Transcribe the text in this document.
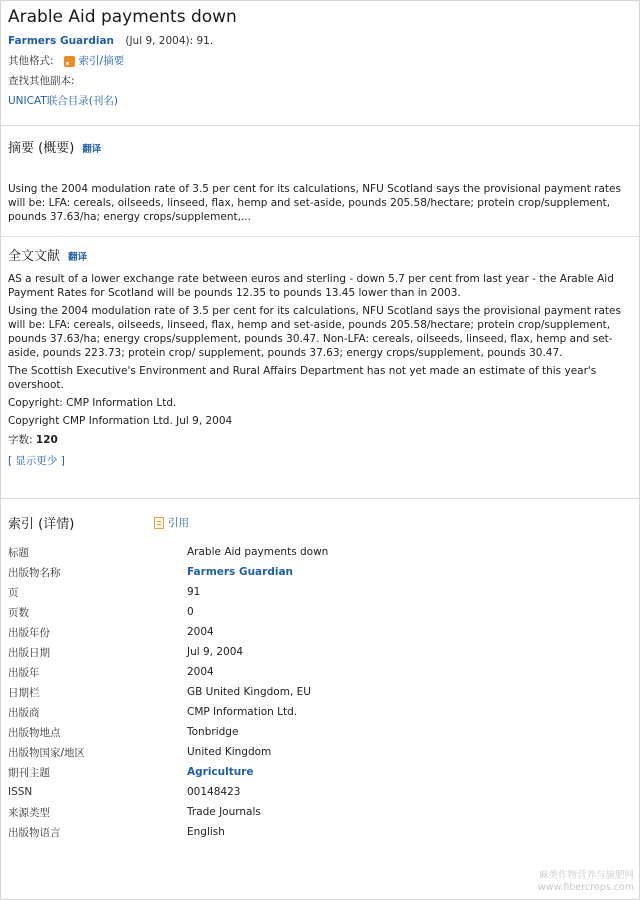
Arable Aid payments down
Farmers Guardian (Jul 9, 2004): 91.
其他格式: 索引/摘要
查找其他副本:
UNICAT联合目录(刊名)
摘要 (概要) 翻译

Using the 2004 modulation rate of 3.5 per cent for its calculations, NFU Scotland says the provisional payment rates will be: LFA: cereals, oilseeds, linseed, flax, hemp and set-aside, pounds 205.58/hectare; protein crop/supplement, pounds 37.63/ha; energy crops/supplement,...

全文文献 翻译

AS a result of a lower exchange rate between euros and sterling - down 5.7 per cent from last year - the Arable Aid Payment Rates for Scotland will be pounds 12.35 to pounds 13.45 lower than in 2003.

Using the 2004 modulation rate of 3.5 per cent for its calculations, NFU Scotland says the provisional payment rates will be: LFA: cereals, oilseeds, linseed, flax, hemp and set-aside, pounds 205.58/hectare; protein crop/supplement, pounds 37.63/ha; energy crops/supplement, pounds 30.47. Non-LFA: cereals, oilseeds, linseed, flax, hemp and set-aside, pounds 223.73; protein crop/ supplement, pounds 37.63; energy crops/supplement, pounds 30.47.

The Scottish Executive's Environment and Rural Affairs Department has not yet made an estimate of this year's overshoot.

Copyright: CMP Information Ltd.

Copyright CMP Information Ltd. Jul 9, 2004

字数: 120
[ 显示更少 ]
索引 (详情)	引用
标题	Arable Aid payments down
出版物名称	Farmers Guardian
页	91
页数	0
出版年份	2004
出版日期	Jul 9, 2004
出版年	2004
日期栏	GB United Kingdom, EU
出版商	CMP Information Ltd.
出版物地点	Tonbridge
出版物国家/地区	United Kingdom
期刊主题	Agriculture
ISSN	00148423
来源类型	Trade Journals
出版物语言	English
麻类作物营养与施肥网
www.fibercrops.com
